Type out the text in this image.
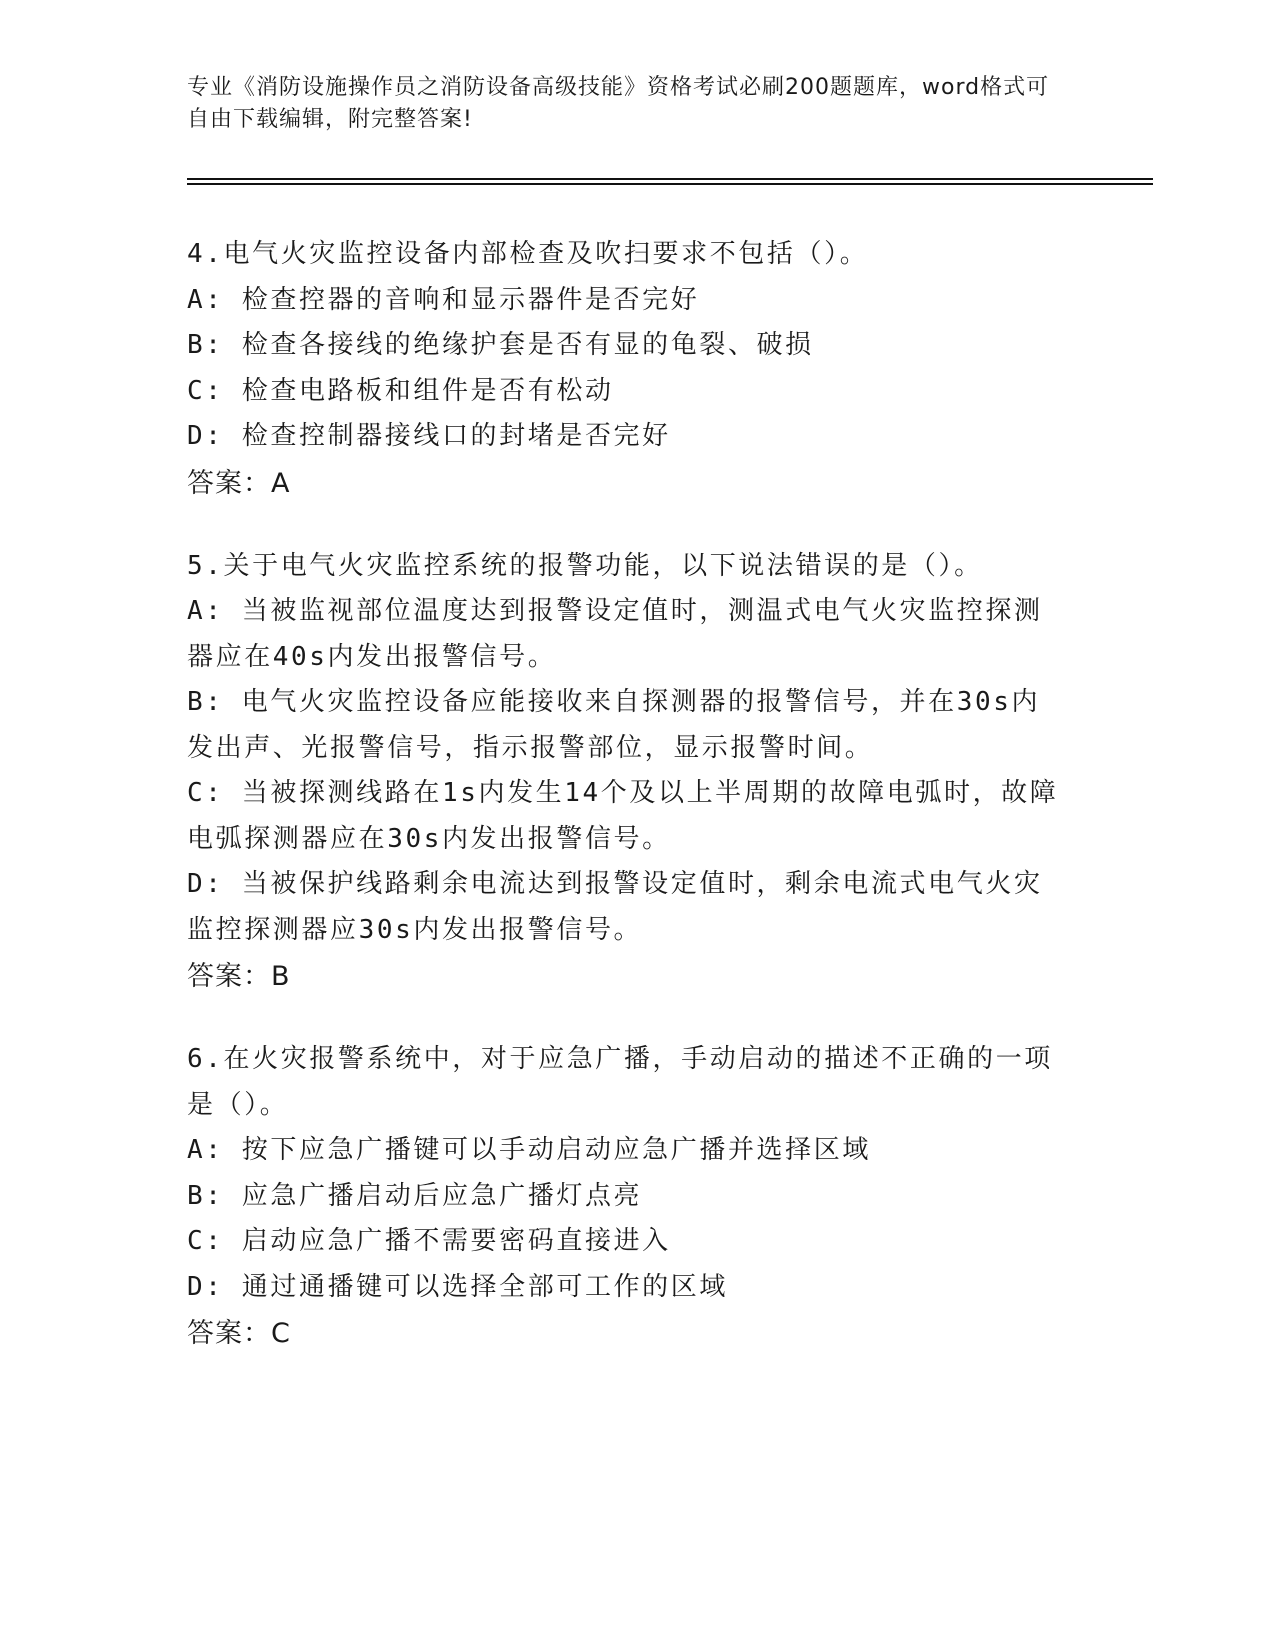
专业《消防设施操作员之消防设备高级技能》资格考试必刷200题题库，word格式可自由下载编辑，附完整答案!
4.电气火灾监控设备内部检查及吹扫要求不包括（）。
A: 检查控器的音响和显示器件是否完好
B: 检查各接线的绝缘护套是否有显的龟裂、破损
C: 检查电路板和组件是否有松动
D: 检查控制器接线口的封堵是否完好
答案：A
5.关于电气火灾监控系统的报警功能，以下说法错误的是（）。
A: 当被监视部位温度达到报警设定值时，测温式电气火灾监控探测器应在40s内发出报警信号。
B: 电气火灾监控设备应能接收来自探测器的报警信号，并在30s内发出声、光报警信号，指示报警部位，显示报警时间。
C: 当被探测线路在1s内发生14个及以上半周期的故障电弧时，故障电弧探测器应在30s内发出报警信号。
D: 当被保护线路剩余电流达到报警设定值时，剩余电流式电气火灾监控探测器应30s内发出报警信号。
答案：B
6.在火灾报警系统中，对于应急广播，手动启动的描述不正确的一项是（）。
A: 按下应急广播键可以手动启动应急广播并选择区域
B: 应急广播启动后应急广播灯点亮
C: 启动应急广播不需要密码直接进入
D: 通过通播键可以选择全部可工作的区域
答案：C
